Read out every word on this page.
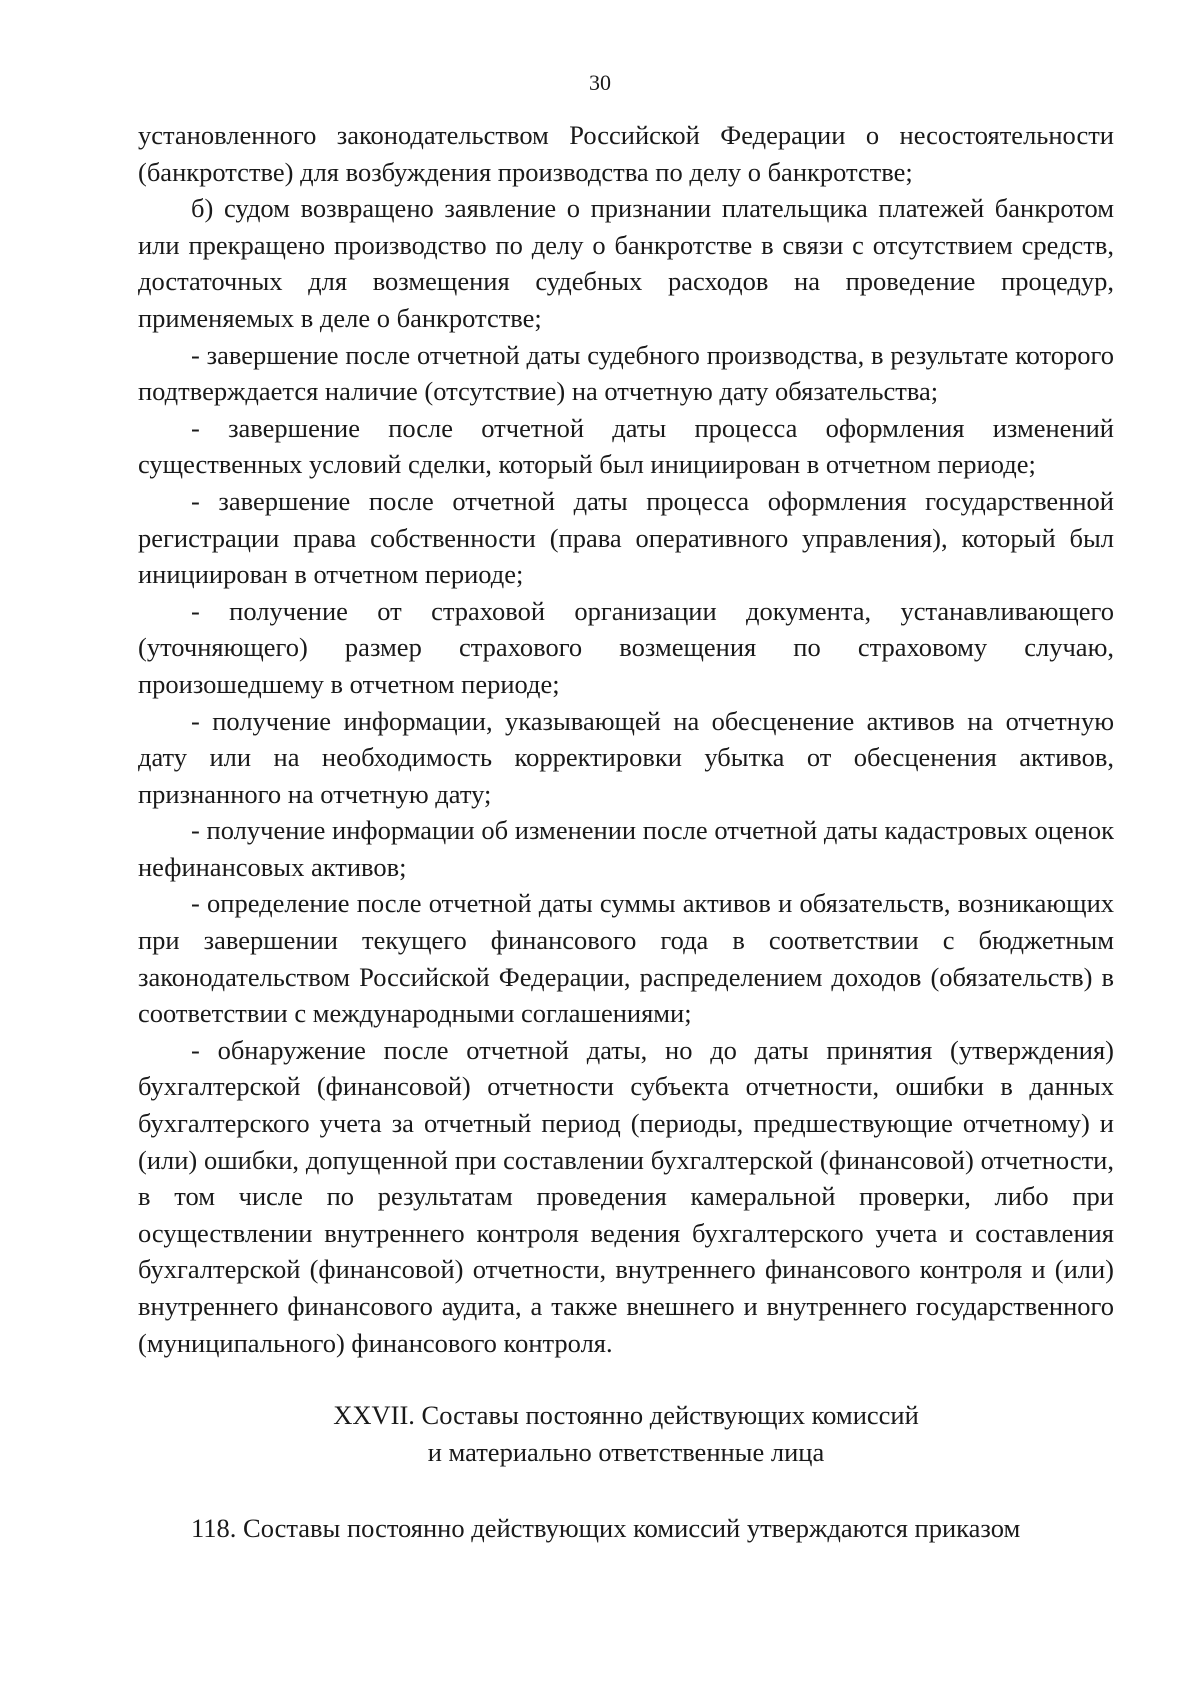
30

установленного законодательством Российской Федерации о несостоятельности (банкротстве) для возбуждения производства по делу о банкротстве;

б) судом возвращено заявление о признании плательщика платежей банкротом или прекращено производство по делу о банкротстве в связи с отсутствием средств, достаточных для возмещения судебных расходов на проведение процедур, применяемых в деле о банкротстве;

- завершение после отчетной даты судебного производства, в результате которого подтверждается наличие (отсутствие) на отчетную дату обязательства;

- завершение после отчетной даты процесса оформления изменений существенных условий сделки, который был инициирован в отчетном периоде;

- завершение после отчетной даты процесса оформления государственной регистрации права собственности (права оперативного управления), который был инициирован в отчетном периоде;

- получение от страховой организации документа, устанавливающего (уточняющего) размер страхового возмещения по страховому случаю, произошедшему в отчетном периоде;

- получение информации, указывающей на обесценение активов на отчетную дату или на необходимость корректировки убытка от обесценения активов, признанного на отчетную дату;

- получение информации об изменении после отчетной даты кадастровых оценок нефинансовых активов;

- определение после отчетной даты суммы активов и обязательств, возникающих при завершении текущего финансового года в соответствии с бюджетным законодательством Российской Федерации, распределением доходов (обязательств) в соответствии с международными соглашениями;

- обнаружение после отчетной даты, но до даты принятия (утверждения) бухгалтерской (финансовой) отчетности субъекта отчетности, ошибки в данных бухгалтерского учета за отчетный период (периоды, предшествующие отчетному) и (или) ошибки, допущенной при составлении бухгалтерской (финансовой) отчетности, в том числе по результатам проведения камеральной проверки, либо при осуществлении внутреннего контроля ведения бухгалтерского учета и составления бухгалтерской (финансовой) отчетности, внутреннего финансового контроля и (или) внутреннего финансового аудита, а также внешнего и внутреннего государственного (муниципального) финансового контроля.

XXVII. Составы постоянно действующих комиссий

и материально ответственные лица

118. Составы постоянно действующих комиссий утверждаются приказом
